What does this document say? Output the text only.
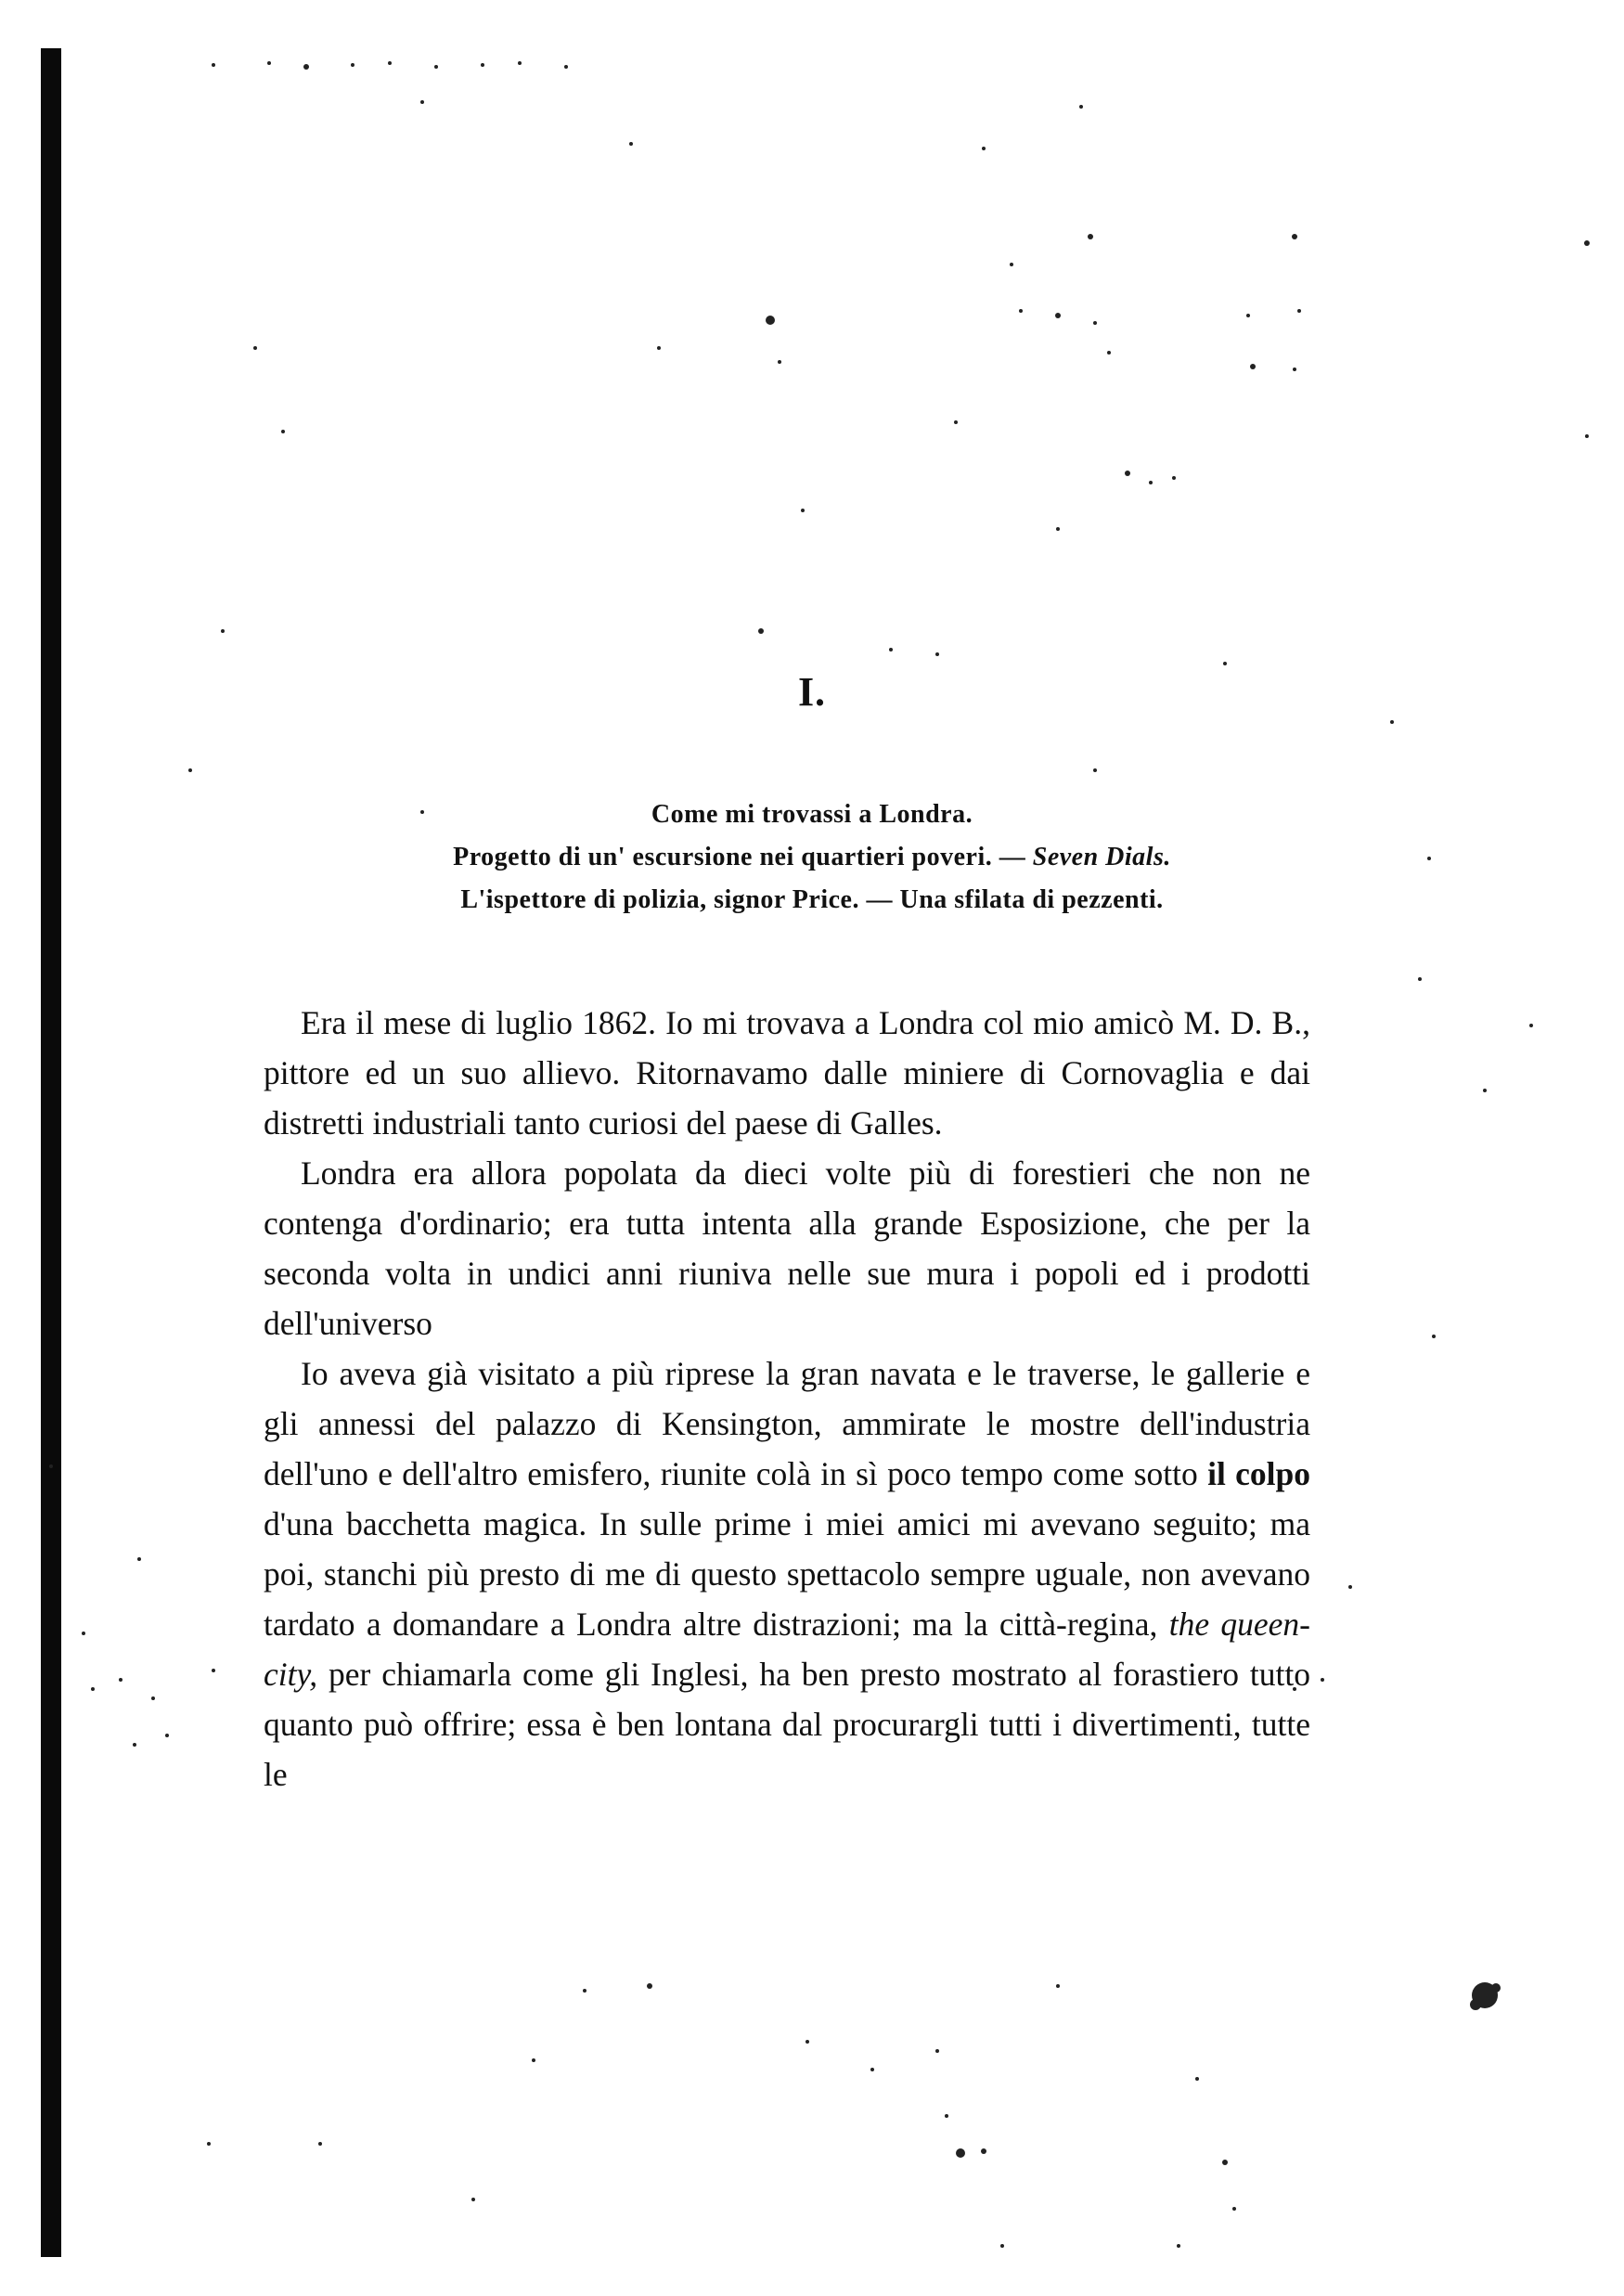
I.
Come mi trovassi a Londra.
Progetto di un' escursione nei quartieri poveri. — Seven Dials.
L'ispettore di polizia, signor Price. — Una sfilata di pezzenti.

Era il mese di luglio 1862. Io mi trovava a Londra col mio amicò M. D. B., pittore ed un suo allievo. Ritornavamo dalle miniere di Cornovaglia e dai distretti industriali tanto curiosi del paese di Galles.

Londra era allora popolata da dieci volte più di forestieri che non ne contenga d'ordinario; era tutta intenta alla grande Esposizione, che per la seconda volta in undici anni riuniva nelle sue mura i popoli ed i prodotti dell'universo

Io aveva già visitato a più riprese la gran navata e le traverse, le gallerie e gli annessi del palazzo di Kensington, ammirate le mostre dell'industria dell'uno e dell'altro emisfero, riunite colà in sì poco tempo come sotto il colpo d'una bacchetta magica. In sulle prime i miei amici mi avevano seguito; ma poi, stanchi più presto di me di questo spettacolo sempre uguale, non avevano tardato a domandare a Londra altre distrazioni; ma la città-regina, the queen-city, per chiamarla come gli Inglesi, ha ben presto mostrato al forastiero tutto quanto può offrire; essa è ben lontana dal procurargli tutti i divertimenti, tutte le
